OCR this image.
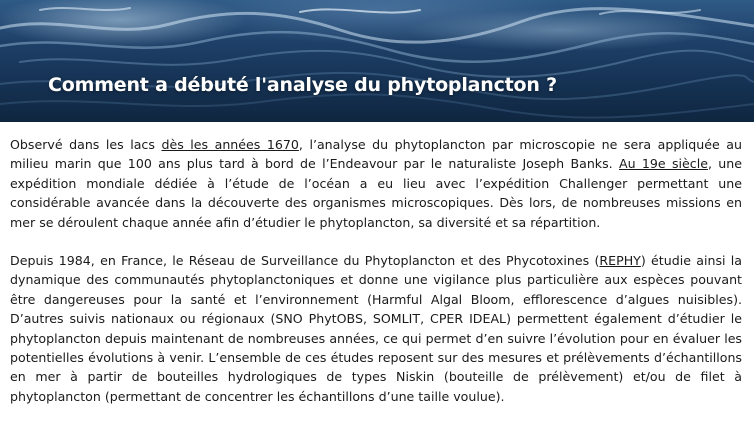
Comment a débuté l'analyse du phytoplancton ?

Observé dans les lacs dès les années 1670, l’analyse du phytoplancton par microscopie ne sera appliquée au milieu marin que 100 ans plus tard à bord de l’Endeavour par le naturaliste Joseph Banks. Au 19e siècle, une expédition mondiale dédiée à l’étude de l’océan a eu lieu avec l’expédition Challenger permettant une considérable avancée dans la découverte des organismes microscopiques. Dès lors, de nombreuses missions en mer se déroulent chaque année afin d’étudier le phytoplancton, sa diversité et sa répartition.

Depuis 1984, en France, le Réseau de Surveillance du Phytoplancton et des Phycotoxines (REPHY) étudie ainsi la dynamique des communautés phytoplanctoniques et donne une vigilance plus particulière aux espèces pouvant être dangereuses pour la santé et l’environnement (Harmful Algal Bloom, efflorescence d’algues nuisibles). D’autres suivis nationaux ou régionaux (SNO PhytOBS, SOMLIT, CPER IDEAL) permettent également d’étudier le phytoplancton depuis maintenant de nombreuses années, ce qui permet d’en suivre l’évolution pour en évaluer les potentielles évolutions à venir. L’ensemble de ces études reposent sur des mesures et prélèvements d’échantillons en mer à partir de bouteilles hydrologiques de types Niskin (bouteille de prélèvement) et/ou de filet à phytoplancton (permettant de concentrer les échantillons d’une taille voulue).
